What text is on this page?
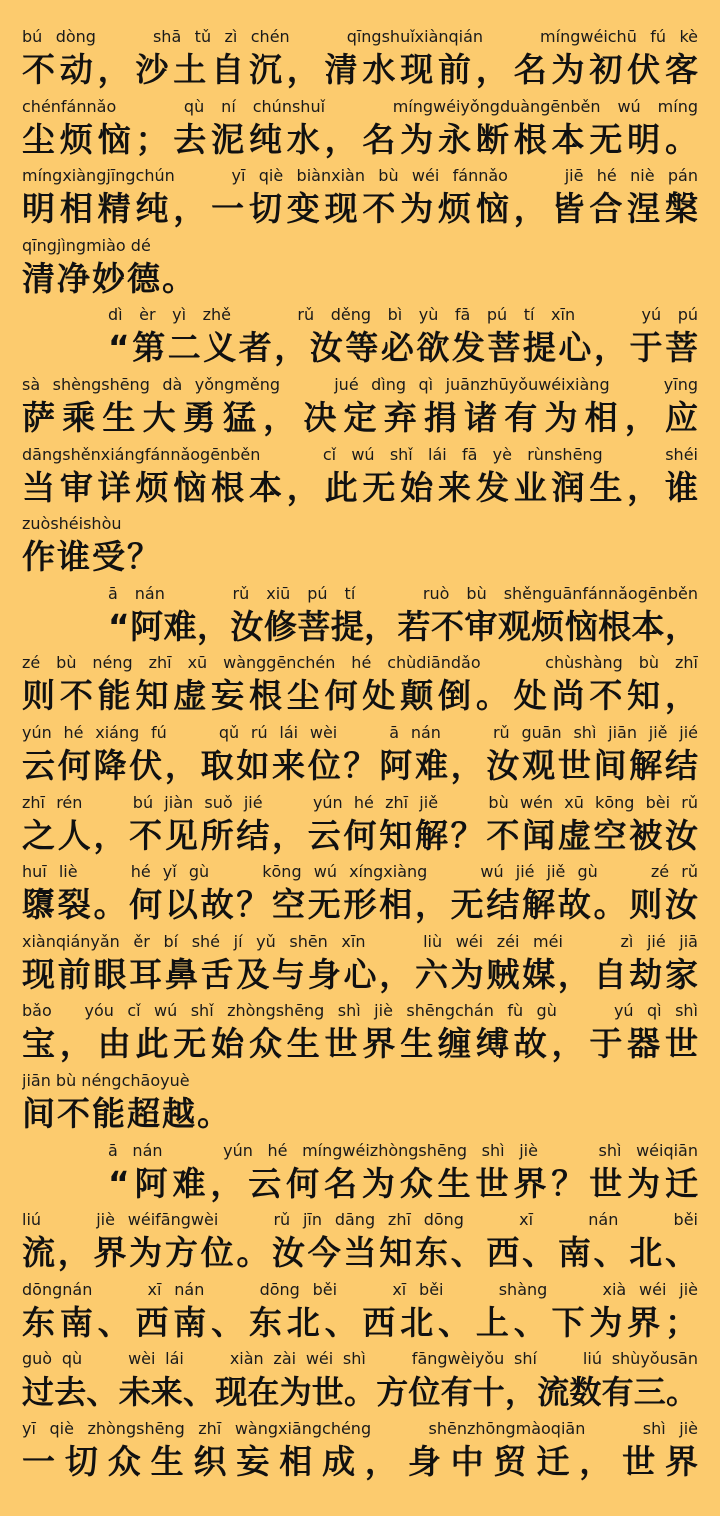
bú dòng　　shā tǔ zì chén　　qīngshuǐxiànqián　　míngwéichū fú kè
不动，沙土自沉，清水现前，名为初伏客
chénfánnǎo　　qù ní chúnshuǐ　　míngwéiyǒngduàngēnběn wú míng
尘烦恼；去泥纯水，名为永断根本无明。
míngxiàngjīngchún　　yī qiè biànxiàn bù wéi fánnǎo　　jiē hé niè pán
明相精纯，一切变现不为烦恼，皆合涅槃
qīngjìngmiào dé
清净妙德。
dì èr yì zhě　　rǔ děng bì yù fā pú tí xīn　　yú pú
“第二义者，汝等必欲发菩提心，于菩
sà shèngshēng dà yǒngměng　　jué dìng qì juānzhūyǒuwéixiàng　　yīng
萨乘生大勇猛，决定弃捐诸有为相，应
dāngshěnxiángfánnǎogēnběn　　cǐ wú shǐ lái fā yè rùnshēng　　shéi
当审详烦恼根本，此无始来发业润生，谁
zuòshéishòu
作谁受？
ā nán　　rǔ xiū pú tí　　ruò bù shěnguānfánnǎogēnběn
“阿难，汝修菩提，若不审观烦恼根本，
zé bù néng zhī xū wànggēnchén hé chùdiāndǎo　　chùshàng bù zhī
则不能知虚妄根尘何处颠倒。处尚不知，
yún hé xiáng fú　　qǔ rú lái wèi　　ā nán　　rǔ guān shì jiān jiě jié
云何降伏，取如来位？阿难，汝观世间解结
zhī rén　　bú jiàn suǒ jié　　yún hé zhī jiě　　bù wén xū kōng bèi rǔ
之人，不见所结，云何知解？不闻虚空被汝
huī liè　　hé yǐ gù　　kōng wú xíngxiàng　　wú jié jiě gù　　zé rǔ
隳裂。何以故？空无形相，无结解故。则汝
xiànqiányǎn ěr bí shé jí yǔ shēn xīn　　liù wéi zéi méi　　zì jié jiā
现前眼耳鼻舌及与身心，六为贼媒，自劫家
bǎo　yóu cǐ wú shǐ zhòngshēng shì jiè shēngchán fù gù　　yú qì shì
宝，由此无始众生世界生缠缚故，于器世
jiān bù néngchāoyuè
间不能超越。
ā nán　　yún hé míngwéizhòngshēng shì jiè　　shì wéiqiān
“阿难，云何名为众生世界？世为迁
liú　　jiè wéifāngwèi　　rǔ jīn dāng zhī dōng　　xī　　nán　　běi
流，界为方位。汝今当知东、西、南、北、
dōngnán　　xī nán　　dōng běi　　xī běi　　shàng　　xià wéi jiè
东南、西南、东北、西北、上、下为界；
guò qù　　wèi lái　　xiàn zài wéi shì　　fāngwèiyǒu shí　　liú shùyǒusān
过去、未来、现在为世。方位有十，流数有三。
yī qiè zhòngshēng zhī wàngxiāngchéng　　shēnzhōngmàoqiān　　shì jiè
一切众生织妄相成，身中贸迁，世界
